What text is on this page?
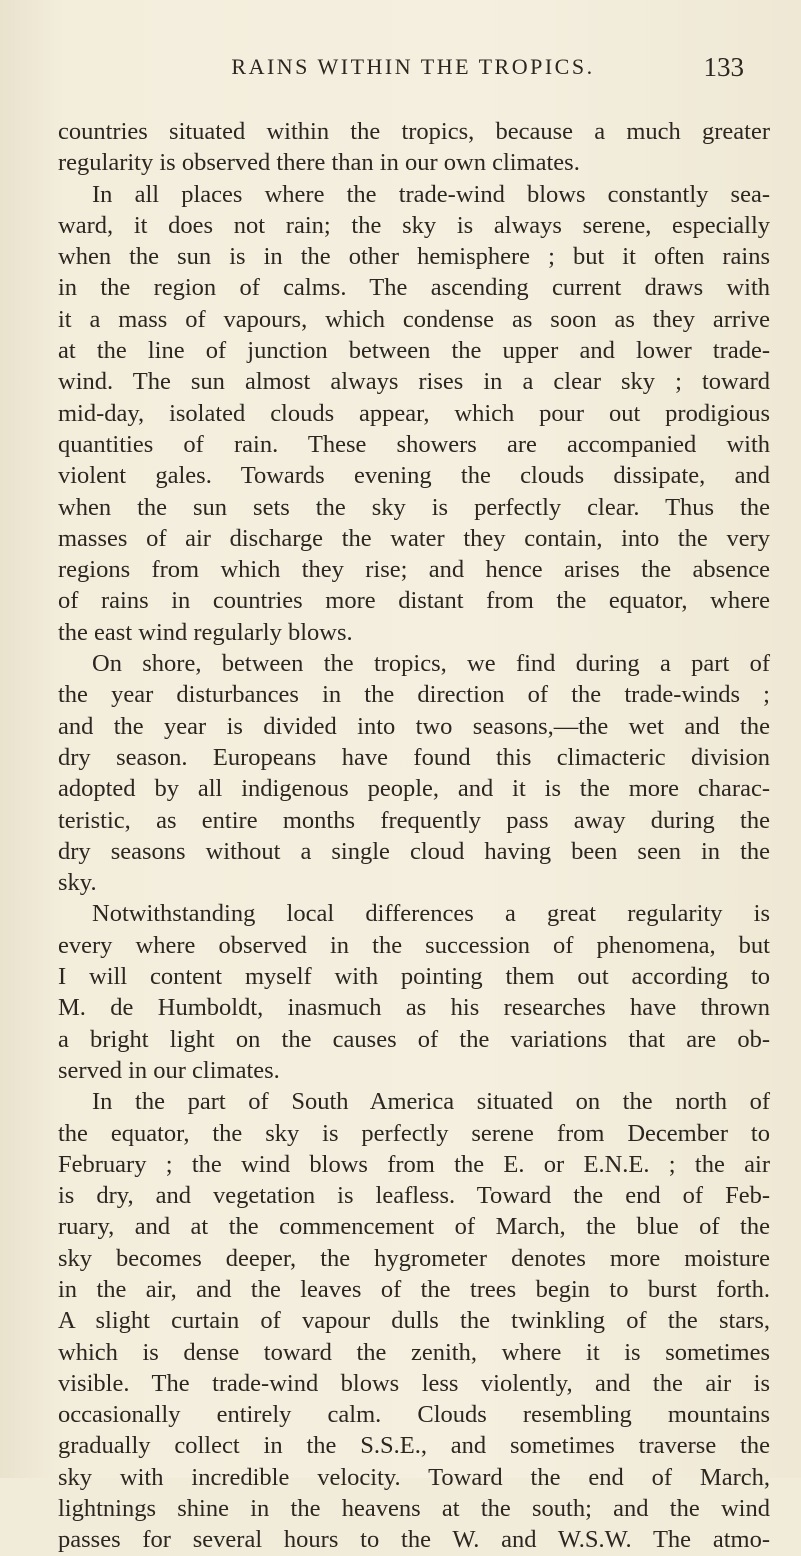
RAINS WITHIN THE TROPICS.	133
countries situated within the tropics, because a much greater
regularity is observed there than in our own climates.
In all places where the trade-wind blows constantly sea-
ward, it does not rain; the sky is always serene, especially
when the sun is in the other hemisphere ; but it often rains
in the region of calms. The ascending current draws with
it a mass of vapours, which condense as soon as they arrive
at the line of junction between the upper and lower trade-
wind. The sun almost always rises in a clear sky ; toward
mid-day, isolated clouds appear, which pour out prodigious
quantities of rain. These showers are accompanied with
violent gales. Towards evening the clouds dissipate, and
when the sun sets the sky is perfectly clear. Thus the
masses of air discharge the water they contain, into the very
regions from which they rise; and hence arises the absence
of rains in countries more distant from the equator, where
the east wind regularly blows.
On shore, between the tropics, we find during a part of
the year disturbances in the direction of the trade-winds ;
and the year is divided into two seasons,—the wet and the
dry season. Europeans have found this climacteric division
adopted by all indigenous people, and it is the more charac-
teristic, as entire months frequently pass away during the
dry seasons without a single cloud having been seen in the
sky.
Notwithstanding local differences a great regularity is
every where observed in the succession of phenomena, but
I will content myself with pointing them out according to
M. de Humboldt, inasmuch as his researches have thrown
a bright light on the causes of the variations that are ob-
served in our climates.
In the part of South America situated on the north of
the equator, the sky is perfectly serene from December to
February ; the wind blows from the E. or E.N.E. ; the air
is dry, and vegetation is leafless. Toward the end of Feb-
ruary, and at the commencement of March, the blue of the
sky becomes deeper, the hygrometer denotes more moisture
in the air, and the leaves of the trees begin to burst forth.
A slight curtain of vapour dulls the twinkling of the stars,
which is dense toward the zenith, where it is sometimes
visible. The trade-wind blows less violently, and the air is
occasionally entirely calm. Clouds resembling mountains
gradually collect in the S.S.E., and sometimes traverse the
sky with incredible velocity. Toward the end of March,
lightnings shine in the heavens at the south; and the wind
passes for several hours to the W. and W.S.W. The atmo-
